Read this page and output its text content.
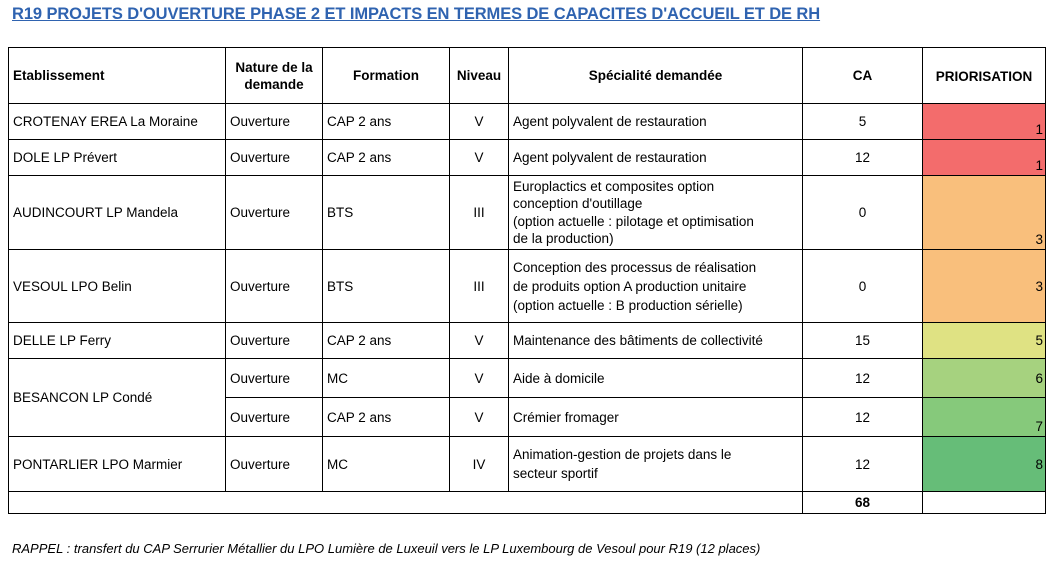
R19 PROJETS D'OUVERTURE PHASE 2 ET IMPACTS EN TERMES DE CAPACITES D'ACCUEIL ET DE RH
Etablissement	Nature de la
demande	Formation	Niveau	Spécialité demandée	CA	PRIORISATION
CROTENAY EREA La Moraine	Ouverture	CAP 2 ans	V	Agent polyvalent de restauration	5	1
DOLE LP Prévert	Ouverture	CAP 2 ans	V	Agent polyvalent de restauration	12	1
AUDINCOURT LP Mandela	Ouverture	BTS	III	Europlactics et composites option
conception d'outillage
(option actuelle : pilotage et optimisation
de la production)	0	3
VESOUL LPO Belin	Ouverture	BTS	III	Conception des processus de réalisation
de produits option A production unitaire
(option actuelle : B production sérielle)	0	3
DELLE LP Ferry	Ouverture	CAP 2 ans	V	Maintenance des bâtiments de collectivité	15	5
BESANCON LP Condé	Ouverture	MC	V	Aide à domicile	12	6
	Ouverture	CAP 2 ans	V	Crémier fromager	12	7
PONTARLIER LPO Marmier	Ouverture	MC	IV	Animation-gestion de projets dans le
secteur sportif	12	8
					68	
RAPPEL : transfert du CAP Serrurier Métallier du LPO Lumière de Luxeuil vers le LP Luxembourg de Vesoul pour R19 (12 places)
